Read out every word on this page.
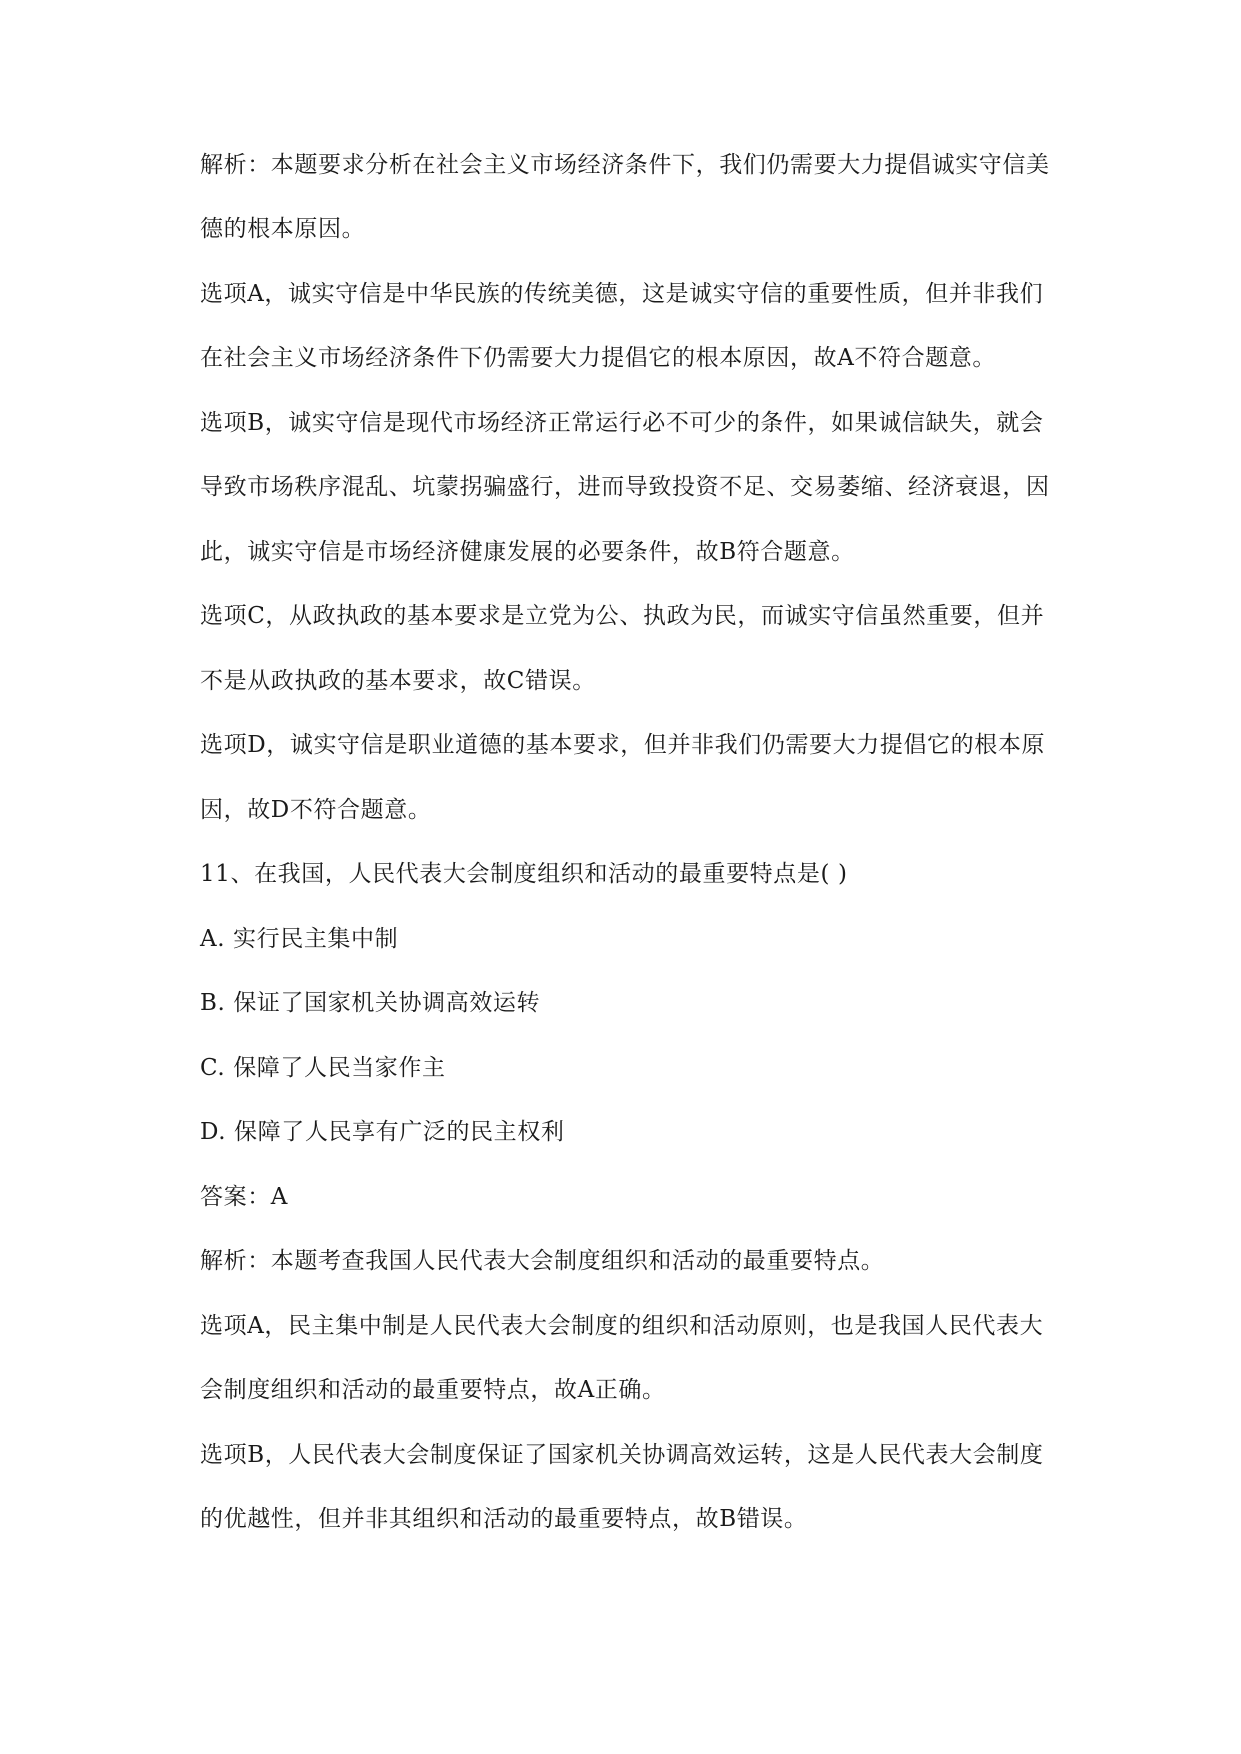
解析：本题要求分析在社会主义市场经济条件下，我们仍需要大力提倡诚实守信美
德的根本原因。
选项A，诚实守信是中华民族的传统美德，这是诚实守信的重要性质，但并非我们
在社会主义市场经济条件下仍需要大力提倡它的根本原因，故A不符合题意。
选项B，诚实守信是现代市场经济正常运行必不可少的条件，如果诚信缺失，就会
导致市场秩序混乱、坑蒙拐骗盛行，进而导致投资不足、交易萎缩、经济衰退，因
此，诚实守信是市场经济健康发展的必要条件，故B符合题意。
选项C，从政执政的基本要求是立党为公、执政为民，而诚实守信虽然重要，但并
不是从政执政的基本要求，故C错误。
选项D，诚实守信是职业道德的基本要求，但并非我们仍需要大力提倡它的根本原
因，故D不符合题意。
11、在我国，人民代表大会制度组织和活动的最重要特点是( )
A. 实行民主集中制
B. 保证了国家机关协调高效运转
C. 保障了人民当家作主
D. 保障了人民享有广泛的民主权利
答案：A
解析：本题考查我国人民代表大会制度组织和活动的最重要特点。
选项A，民主集中制是人民代表大会制度的组织和活动原则，也是我国人民代表大
会制度组织和活动的最重要特点，故A正确。
选项B，人民代表大会制度保证了国家机关协调高效运转，这是人民代表大会制度
的优越性，但并非其组织和活动的最重要特点，故B错误。
